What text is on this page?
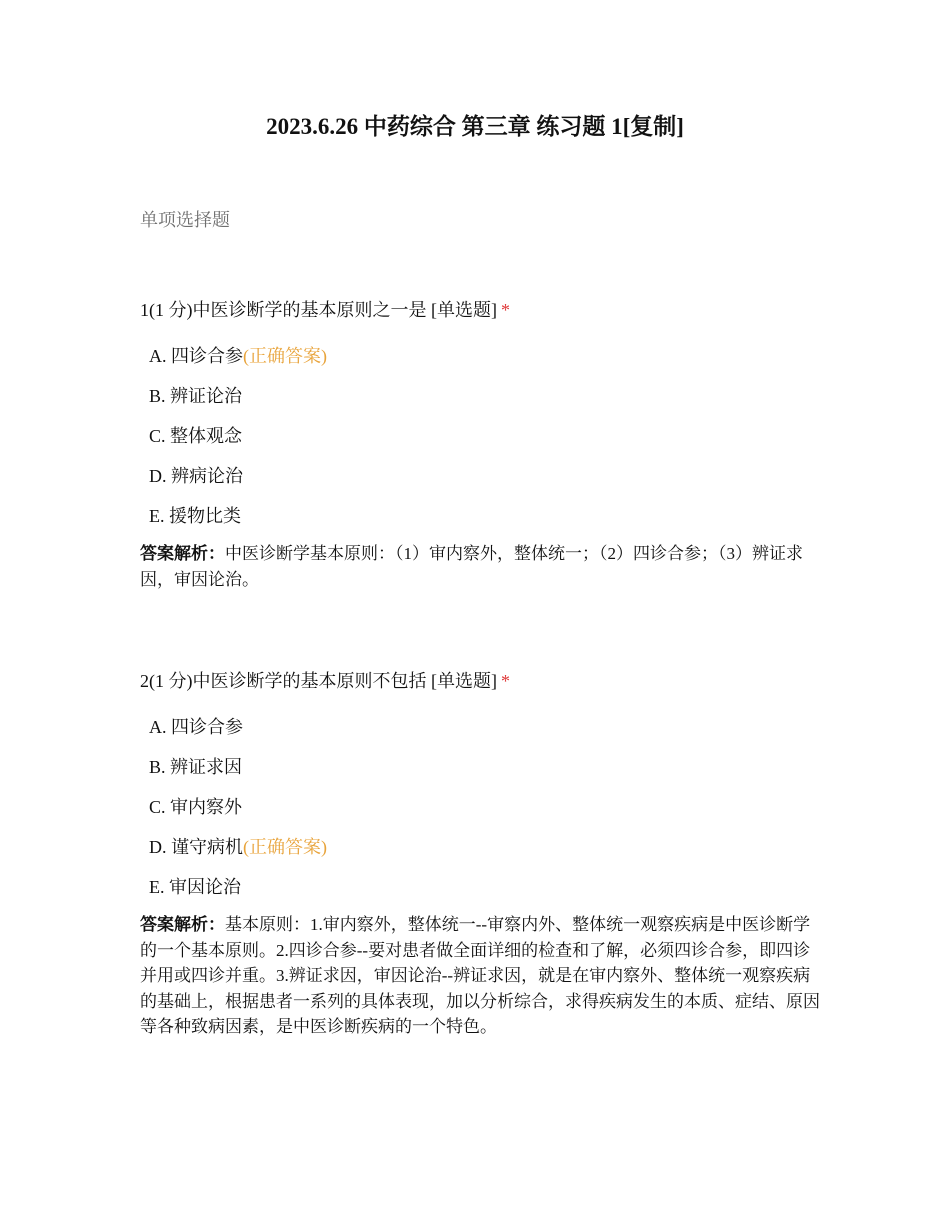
2023.6.26 中药综合 第三章 练习题 1[复制]
单项选择题
1(1 分)中医诊断学的基本原则之一是 [单选题] *
A. 四诊合参(正确答案)
B. 辨证论治
C. 整体观念
D. 辨病论治
E. 援物比类
答案解析：中医诊断学基本原则：（1）审内察外，整体统一；（2）四诊合参；（3）辨证求因，审因论治。
2(1 分)中医诊断学的基本原则不包括 [单选题] *
A. 四诊合参
B. 辨证求因
C. 审内察外
D. 谨守病机(正确答案)
E. 审因论治
答案解析：基本原则：1.审内察外，整体统一--审察内外、整体统一观察疾病是中医诊断学的一个基本原则。2.四诊合参--要对患者做全面详细的检查和了解，必须四诊合参，即四诊并用或四诊并重。3.辨证求因，审因论治--辨证求因，就是在审内察外、整体统一观察疾病的基础上，根据患者一系列的具体表现，加以分析综合，求得疾病发生的本质、症结、原因等各种致病因素，是中医诊断疾病的一个特色。
